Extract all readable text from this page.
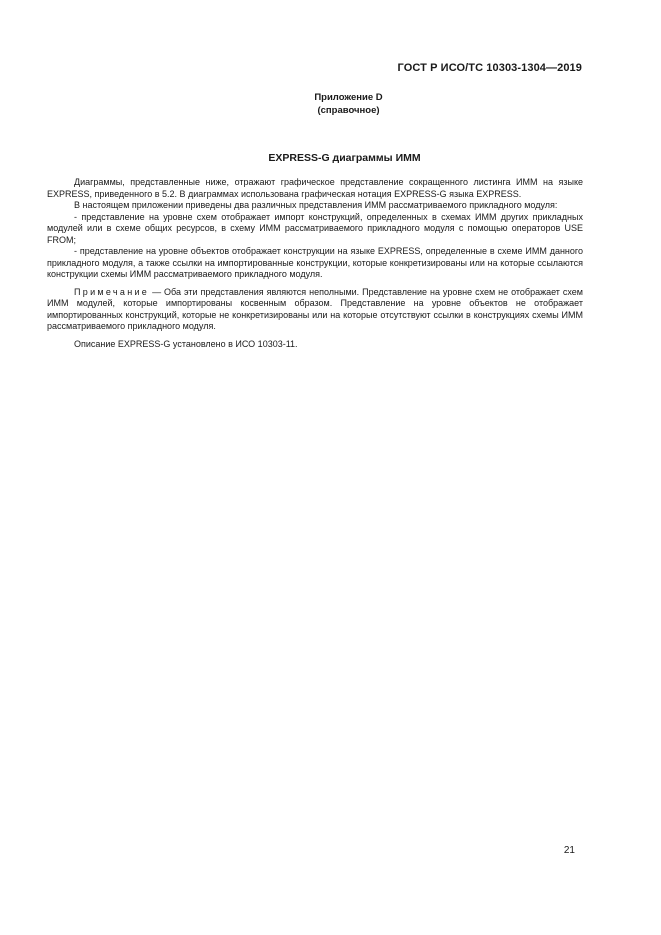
ГОСТ Р ИСО/ТС 10303-1304—2019
Приложение D
(справочное)
EXPRESS-G диаграммы ИММ

Диаграммы, представленные ниже, отражают графическое представление сокращенного листинга ИММ на языке EXPRESS, приведенного в 5.2. В диаграммах использована графическая нотация EXPRESS-G языка EXPRESS.

В настоящем приложении приведены два различных представления ИММ рассматриваемого прикладного модуля:

- представление на уровне схем отображает импорт конструкций, определенных в схемах ИММ других прикладных модулей или в схеме общих ресурсов, в схему ИММ рассматриваемого прикладного модуля с помощью операторов USE FROM;

- представление на уровне объектов отображает конструкции на языке EXPRESS, определенные в схеме ИММ данного прикладного модуля, а также ссылки на импортированные конструкции, которые конкретизированы или на которые ссылаются конструкции схемы ИММ рассматриваемого прикладного модуля.

Примечание — Оба эти представления являются неполными. Представление на уровне схем не отображает схем ИММ модулей, которые импортированы косвенным образом. Представление на уровне объектов не отображает импортированных конструкций, которые не конкретизированы или на которые отсутствуют ссылки в конструкциях схемы ИММ рассматриваемого прикладного модуля.

Описание EXPRESS-G установлено в ИСО 10303-11.

21
